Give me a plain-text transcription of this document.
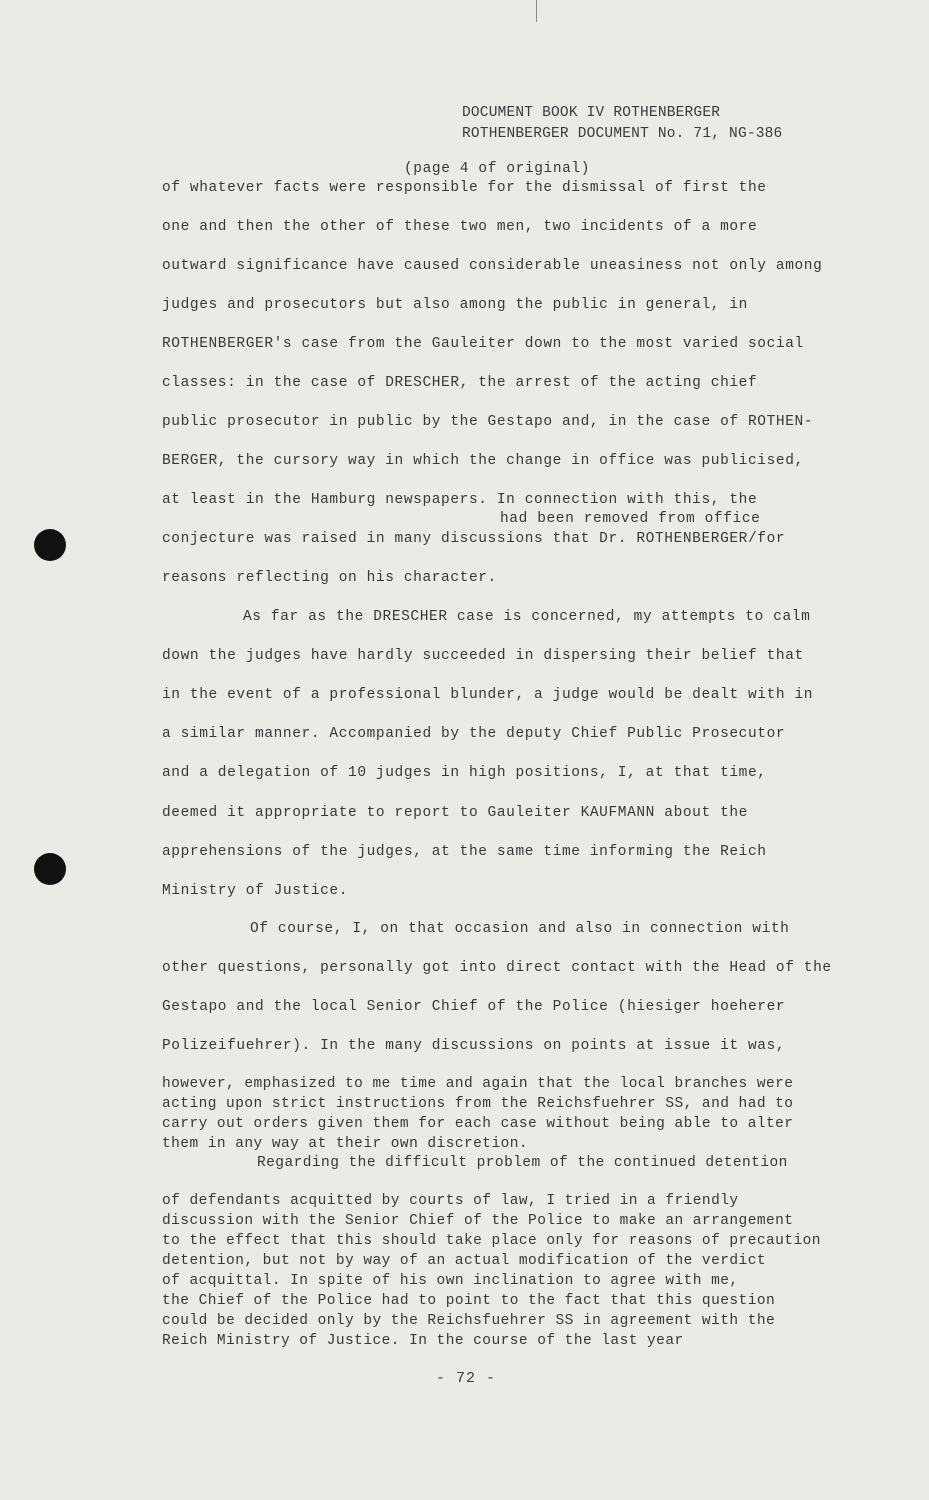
DOCUMENT BOOK IV ROTHENBERGER
ROTHENBERGER DOCUMENT No. 71, NG-386
(page 4 of original)
of whatever facts were responsible for the dismissal of first the
one and then the other of these two men, two incidents of a more
outward significance have caused considerable uneasiness not only among
judges and prosecutors but also among the public in general, in
ROTHENBERGER's case from the Gauleiter down to the most varied social
classes: in the case of DRESCHER, the arrest of the acting chief
public prosecutor in public by the Gestapo and, in the case of ROTHEN-
BERGER, the cursory way in which the change in office was publicised,
at least in the Hamburg newspapers. In connection with this, the
had been removed from office
conjecture was raised in many discussions that Dr. ROTHENBERGER/for
reasons reflecting on his character.
As far as the DRESCHER case is concerned, my attempts to calm
down the judges have hardly succeeded in dispersing their belief that
in the event of a professional blunder, a judge would be dealt with in
a similar manner. Accompanied by the deputy Chief Public Prosecutor
and a delegation of 10 judges in high positions, I, at that time,
deemed it appropriate to report to Gauleiter KAUFMANN about the
apprehensions of the judges, at the same time informing the Reich
Ministry of Justice.
Of course, I, on that occasion and also in connection with
other questions, personally got into direct contact with the Head of the
Gestapo and the local Senior Chief of the Police (hiesiger hoeherer
Polizeifuehrer). In the many discussions on points at issue it was,
however, emphasized to me time and again that the local branches were
acting upon strict instructions from the Reichsfuehrer SS, and had to
carry out orders given them for each case without being able to alter
them in any way at their own discretion.
Regarding the difficult problem of the continued detention
of defendants acquitted by courts of law, I tried in a friendly
discussion with the Senior Chief of the Police to make an arrangement
to the effect that this should take place only for reasons of precaution
detention, but not by way of an actual modification of the verdict
of acquittal. In spite of his own inclination to agree with me,
the Chief of the Police had to point to the fact that this question
could be decided only by the Reichsfuehrer SS in agreement with the
Reich Ministry of Justice. In the course of the last year
- 72 -
